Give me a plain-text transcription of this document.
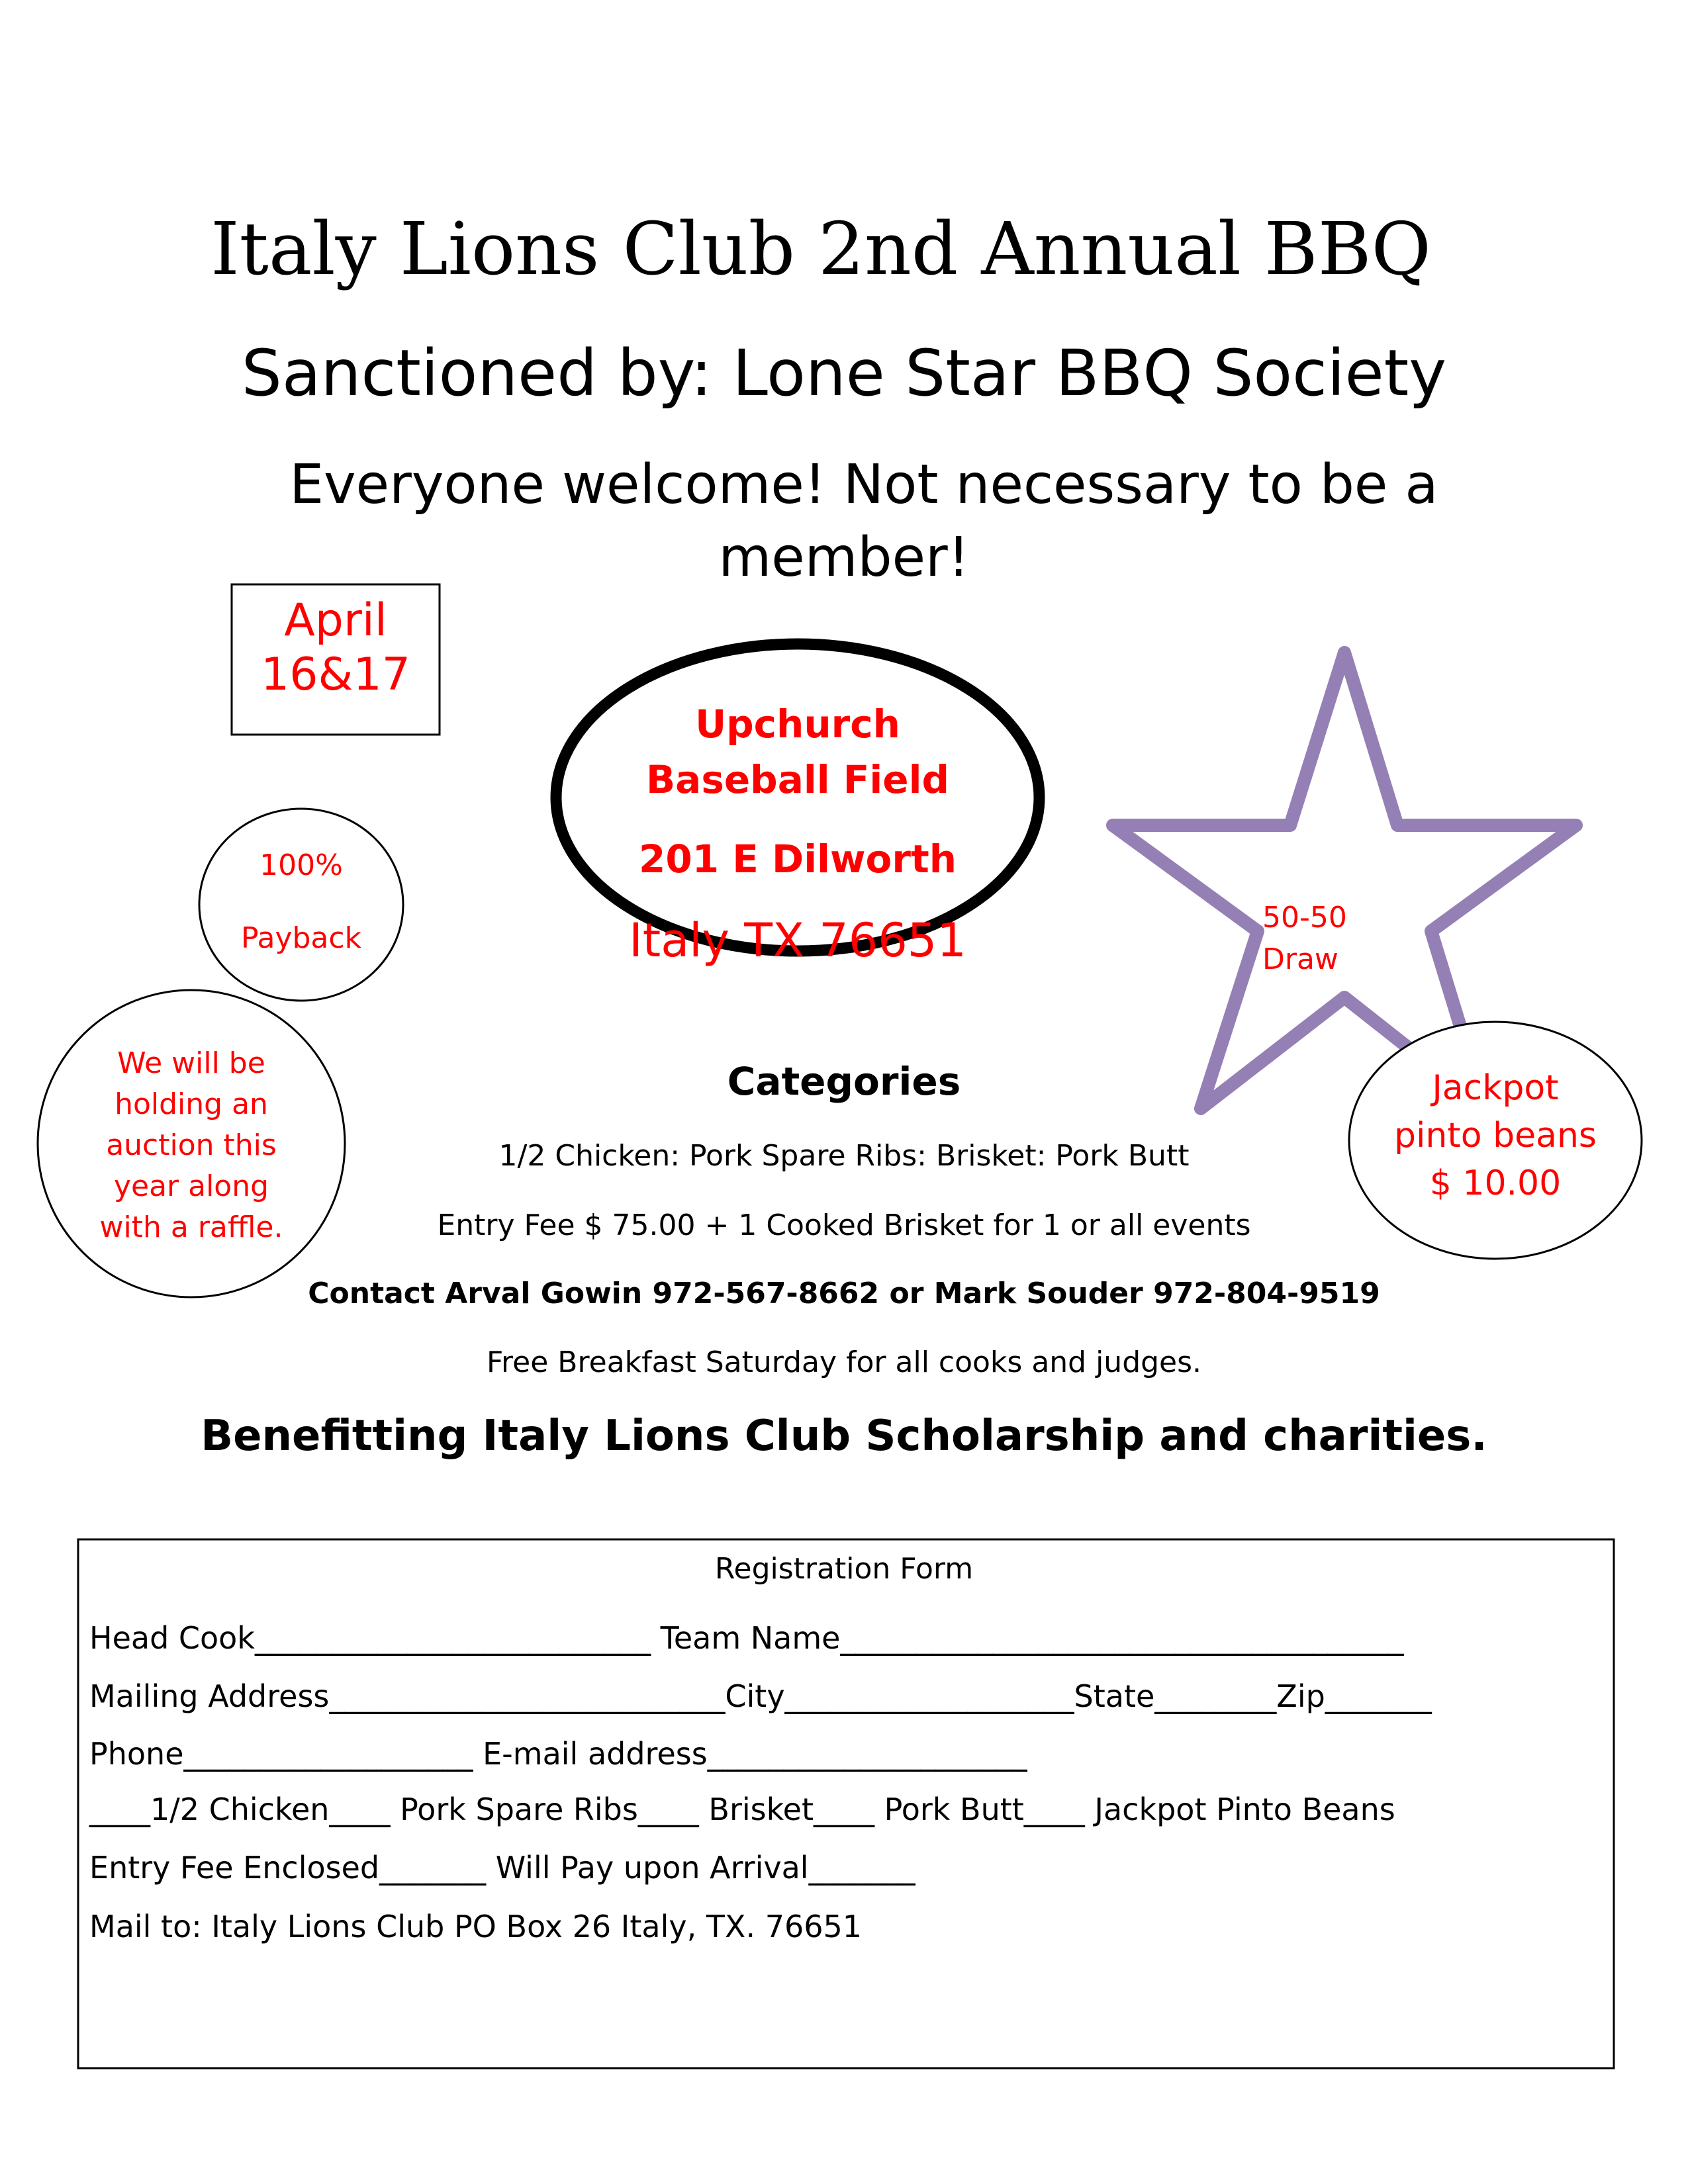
Italy Lions Club 2nd Annual BBQ
Sanctioned by: Lone Star BBQ Society
Everyone welcome! Not necessary to be a
member!
April
16&17
Upchurch
Baseball Field
201 E Dilworth
Italy TX 76651
100%
Payback
We will be
holding an
auction this
year along
with a raffle.
50-50
Draw
Jackpot
pinto beans
$ 10.00
Categories
1/2 Chicken: Pork Spare Ribs: Brisket: Pork Butt
Entry Fee $ 75.00 + 1 Cooked Brisket for 1 or all events
Contact Arval Gowin 972-567-8662 or Mark Souder 972-804-9519
Free Breakfast Saturday for all cooks and judges.
Benefitting Italy Lions Club Scholarship and charities.
Registration Form
Head Cook__________________________ Team Name_____________________________________
Mailing Address__________________________City___________________State________Zip_______
Phone___________________ E-mail address_____________________
____1/2 Chicken____ Pork Spare Ribs____ Brisket____ Pork Butt____ Jackpot Pinto Beans
Entry Fee Enclosed_______ Will Pay upon Arrival_______
Mail to: Italy Lions Club PO Box 26 Italy, TX. 76651
